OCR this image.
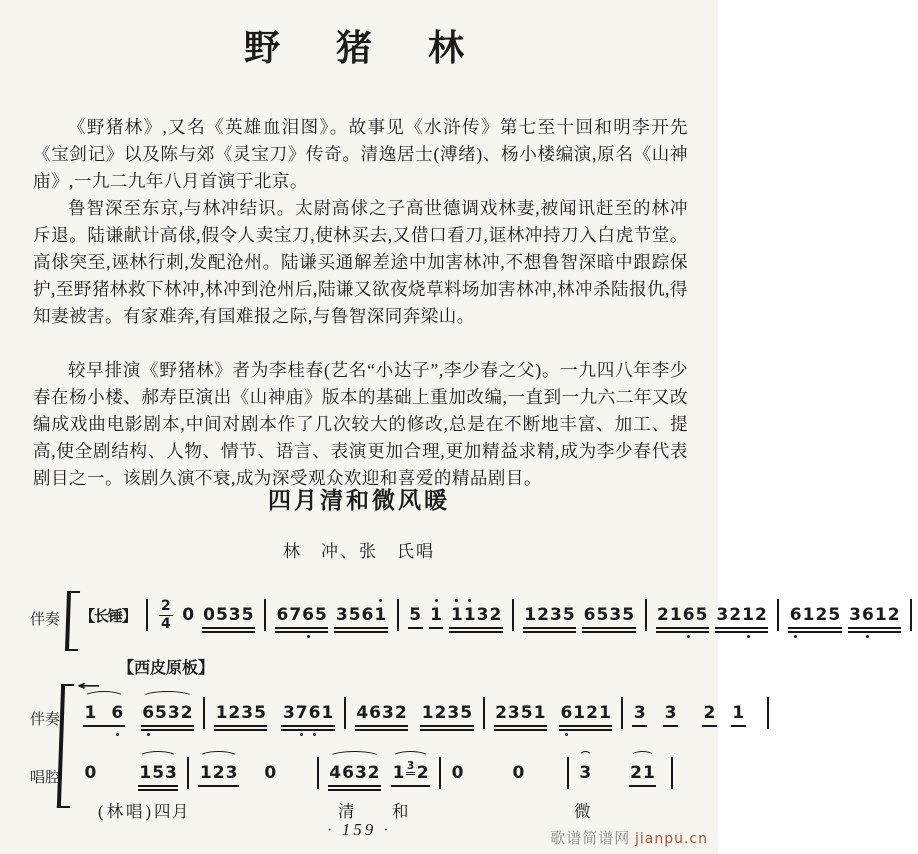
野　猪　林

《野猪林》,又名《英雄血泪图》。故事见《水浒传》第七至十回和明李开先《宝剑记》以及陈与郊《灵宝刀》传奇。清逸居士(溥绪)、杨小楼编演,原名《山神庙》,一九二九年八月首演于北京。

鲁智深至东京,与林冲结识。太尉高俅之子高世德调戏林妻,被闻讯赶至的林冲斥退。陆谦献计高俅,假令人卖宝刀,使林买去,又借口看刀,诓林冲持刀入白虎节堂。高俅突至,诬林行刺,发配沧州。陆谦买通解差途中加害林冲,不想鲁智深暗中跟踪保护,至野猪林救下林冲,林冲到沧州后,陆谦又欲夜烧草料场加害林冲,林冲杀陆报仇,得知妻被害。有家难奔,有国难报之际,与鲁智深同奔梁山。

较早排演《野猪林》者为李桂春(艺名“小达子”,李少春之父)。一九四八年李少春在杨小楼、郝寿臣演出《山神庙》版本的基础上重加改编,一直到一九六二年又改编成戏曲电影剧本,中间对剧本作了几次较大的修改,总是在不断地丰富、加工、提高,使全剧结构、人物、情节、语言、表演更加合理,更加精益求精,成为李少春代表剧目之一。该剧久演不衰,成为深受观众欢迎和喜爱的精品剧目。

四月清和微风暖
林　冲、张　氏唱
伴奏 【长锤】 $\frac{2}{4} 0$ 0 5 3 5 6 7 6 5 3 5 6 1 5 1 1 1 3 2 1 2 3 5 6 5 3 5 2 1 6 5 3 2 1 2 6 1 2 5 3 6 1 2
【西皮原板】
伴奏 1 6
←
6 5 3 2 1 2 3 5 3 7 6 1 4 6 3 2 1 2 3 5 2 3 5 1 6 1 2 1 3 3 2 1
唱腔 0	1 5 3 1 2 3 0	4 6 3 2 1 3 2 0	0	3 2 1
(林唱)四
月	清 和	微
· 159 ·	歌谱简谱网 jianpu.cn
